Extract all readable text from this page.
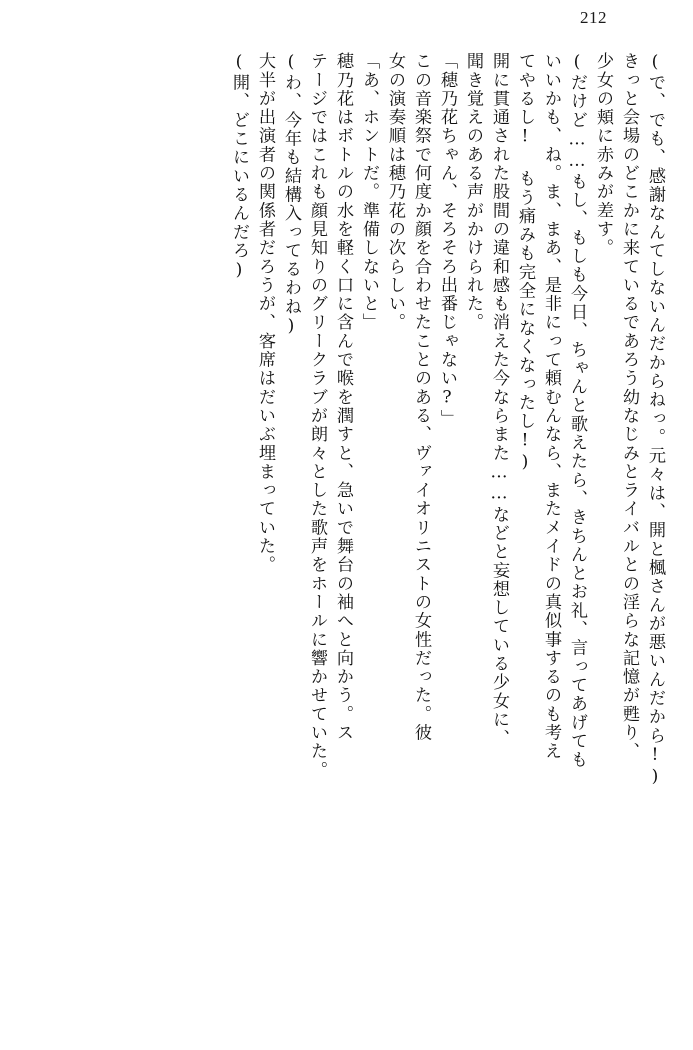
212
(で、でも、感謝なんてしないんだからねっ。元々は、開と楓さんが悪いんだから!)
きっと会場のどこかに来ているであろう幼なじみとライバルとの淫らな記憶が甦り、
少女の頬に赤みが差す。
(だけど……もし、もしも今日、ちゃんと歌えたら、きちんとお礼、言ってあげても
いいかも、ね。ま、まあ、是非にって頼むんなら、またメイドの真似事するのも考え
てやるし! もう痛みも完全になくなったし!)
開に貫通された股間の違和感も消えた今ならまた……などと妄想している少女に、
聞き覚えのある声がかけられた。
「穂乃花ちゃん、そろそろ出番じゃない?」
この音楽祭で何度か顔を合わせたことのある、ヴァイオリニストの女性だった。彼
女の演奏順は穂乃花の次らしい。
「あ、ホントだ。準備しないと」
穂乃花はボトルの水を軽く口に含んで喉を潤すと、急いで舞台の袖へと向かう。ス
テージではこれも顔見知りのグリークラブが朗々とした歌声をホールに響かせていた。
(わ、今年も結構入ってるわね)
大半が出演者の関係者だろうが、客席はだいぶ埋まっていた。
(開、どこにいるんだろ)
